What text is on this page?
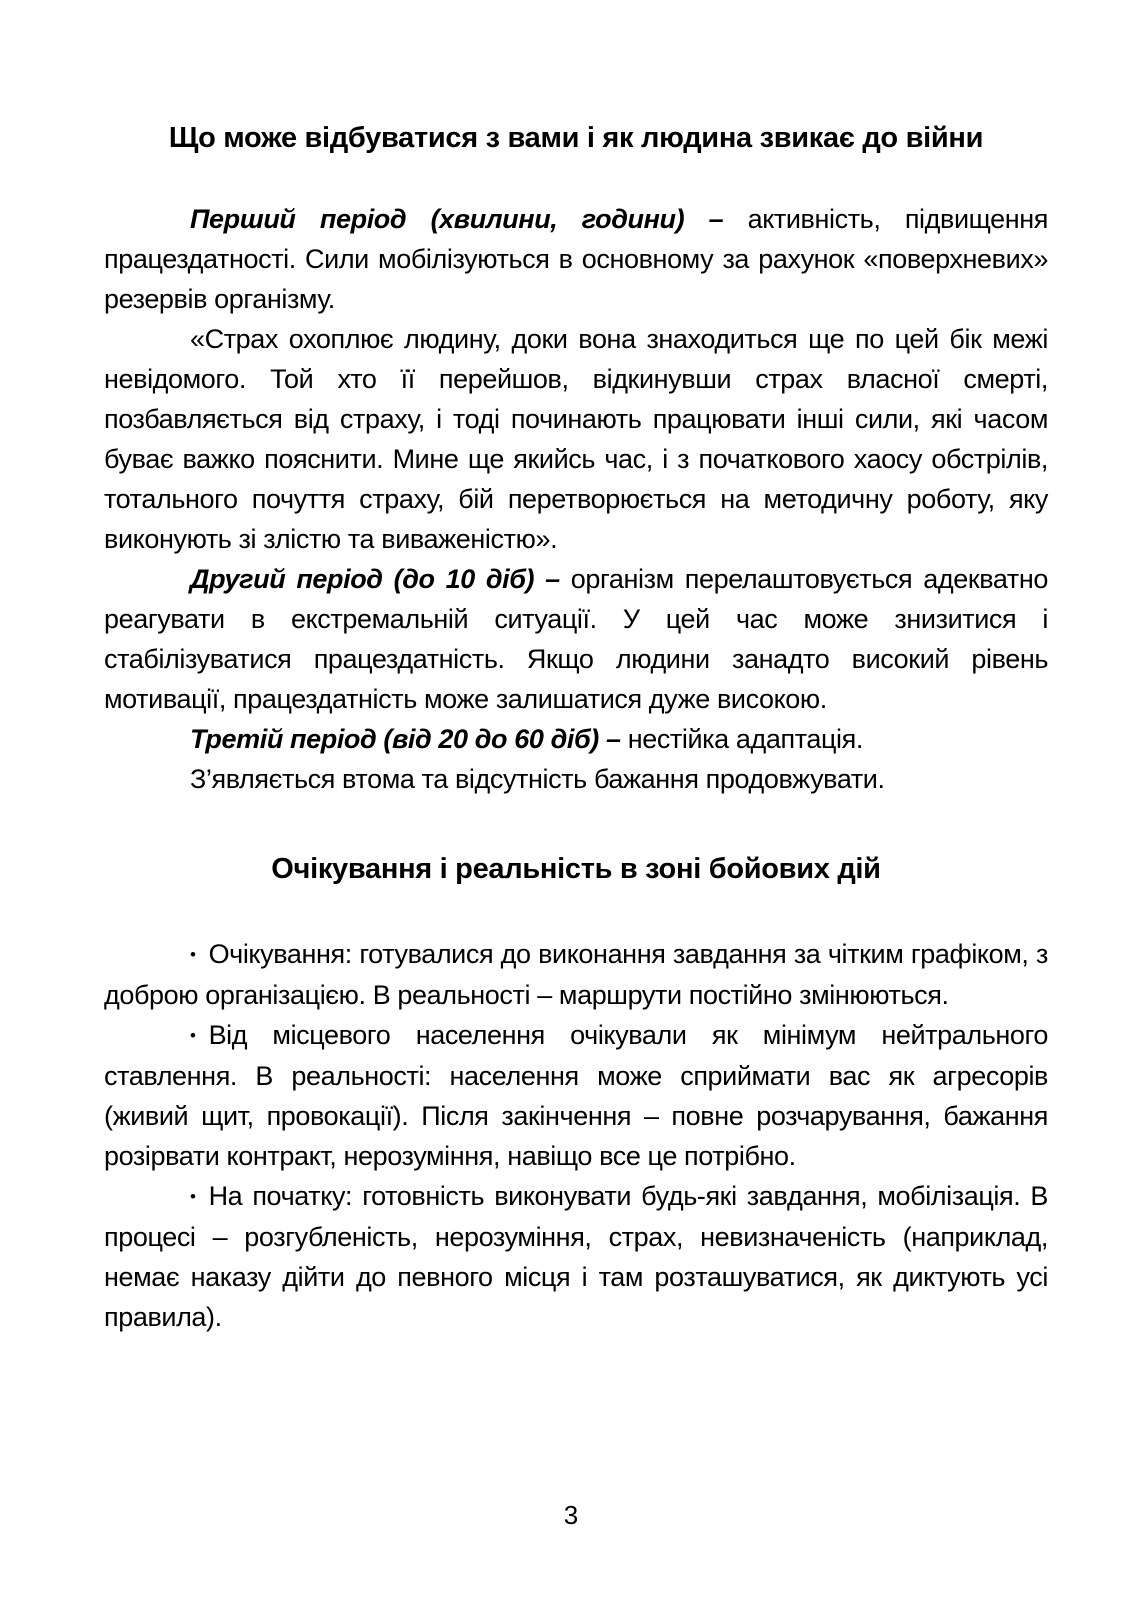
Що може відбуватися з вами і як людина звикає до війни

Перший період (хвилини, години) – активність, підвищення працездатності. Сили мобілізуються в основному за рахунок «поверхневих» резервів організму.

«Страх охоплює людину, доки вона знаходиться ще по цей бік межі невідомого. Той хто її перейшов, відкинувши страх власної смерті, позбавляється від страху, і тоді починають працювати інші сили, які часом буває важко пояснити. Мине ще якийсь час, і з початкового хаосу обстрілів, тотального почуття страху, бій перетворюється на методичну роботу, яку виконують зі злістю та виваженістю».

Другий період (до 10 діб) – організм перелаштовується адекватно реагувати в екстремальній ситуації. У цей час може знизитися і стабілізуватися працездатність. Якщо людини занадто високий рівень мотивації, працездатність може залишатися дуже високою.

Третій період (від 20 до 60 діб) – нестійка адаптація.

З’являється втома та відсутність бажання продовжувати.

Очікування і реальність в зоні бойових дій

• Очікування: готувалися до виконання завдання за чітким графіком, з доброю організацією. В реальності – маршрути постійно змінюються.

• Від місцевого населення очікували як мінімум нейтрального ставлення. В реальності: населення може сприймати вас як агресорів (живий щит, провокації). Після закінчення – повне розчарування, бажання розірвати контракт, нерозуміння, навіщо все це потрібно.

• На початку: готовність виконувати будь-які завдання, мобілізація. В процесі – розгубленість, нерозуміння, страх, невизначеність (наприклад, немає наказу дійти до певного місця і там розташуватися, як диктують усі правила).

3
